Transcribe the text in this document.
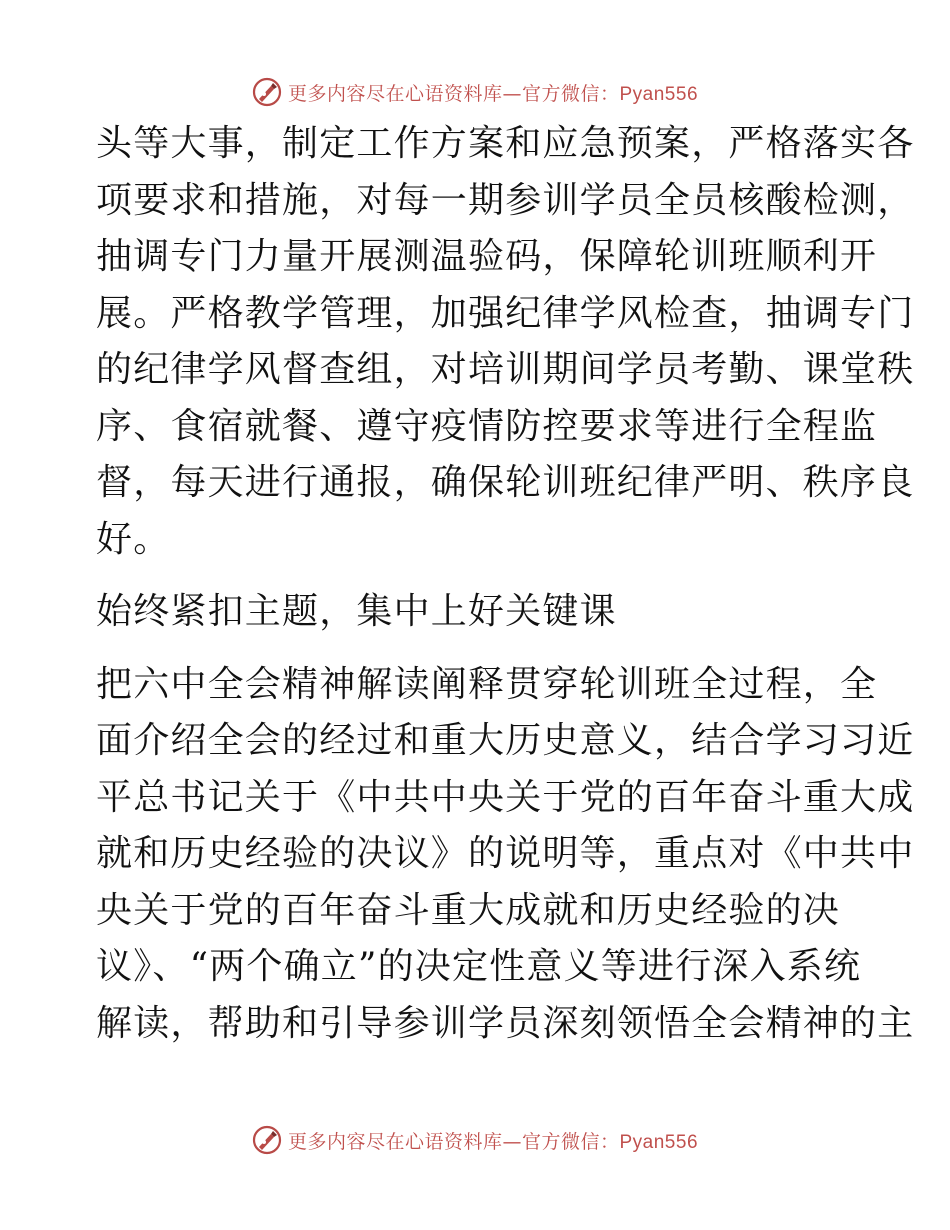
更多内容尽在心语资料库—官方微信：Pyan556
头等大事，制定工作方案和应急预案，严格落实各
项要求和措施，对每一期参训学员全员核酸检测，
抽调专门力量开展测温验码，保障轮训班顺利开
展。严格教学管理，加强纪律学风检查，抽调专门
的纪律学风督查组，对培训期间学员考勤、课堂秩
序、食宿就餐、遵守疫情防控要求等进行全程监
督，每天进行通报，确保轮训班纪律严明、秩序良
好。
始终紧扣主题，集中上好关键课
把六中全会精神解读阐释贯穿轮训班全过程，全
面介绍全会的经过和重大历史意义，结合学习习近
平总书记关于《中共中央关于党的百年奋斗重大成
就和历史经验的决议》的说明等，重点对《中共中
央关于党的百年奋斗重大成就和历史经验的决
议》、“两个确立”的决定性意义等进行深入系统
解读，帮助和引导参训学员深刻领悟全会精神的主
更多内容尽在心语资料库—官方微信：Pyan556
